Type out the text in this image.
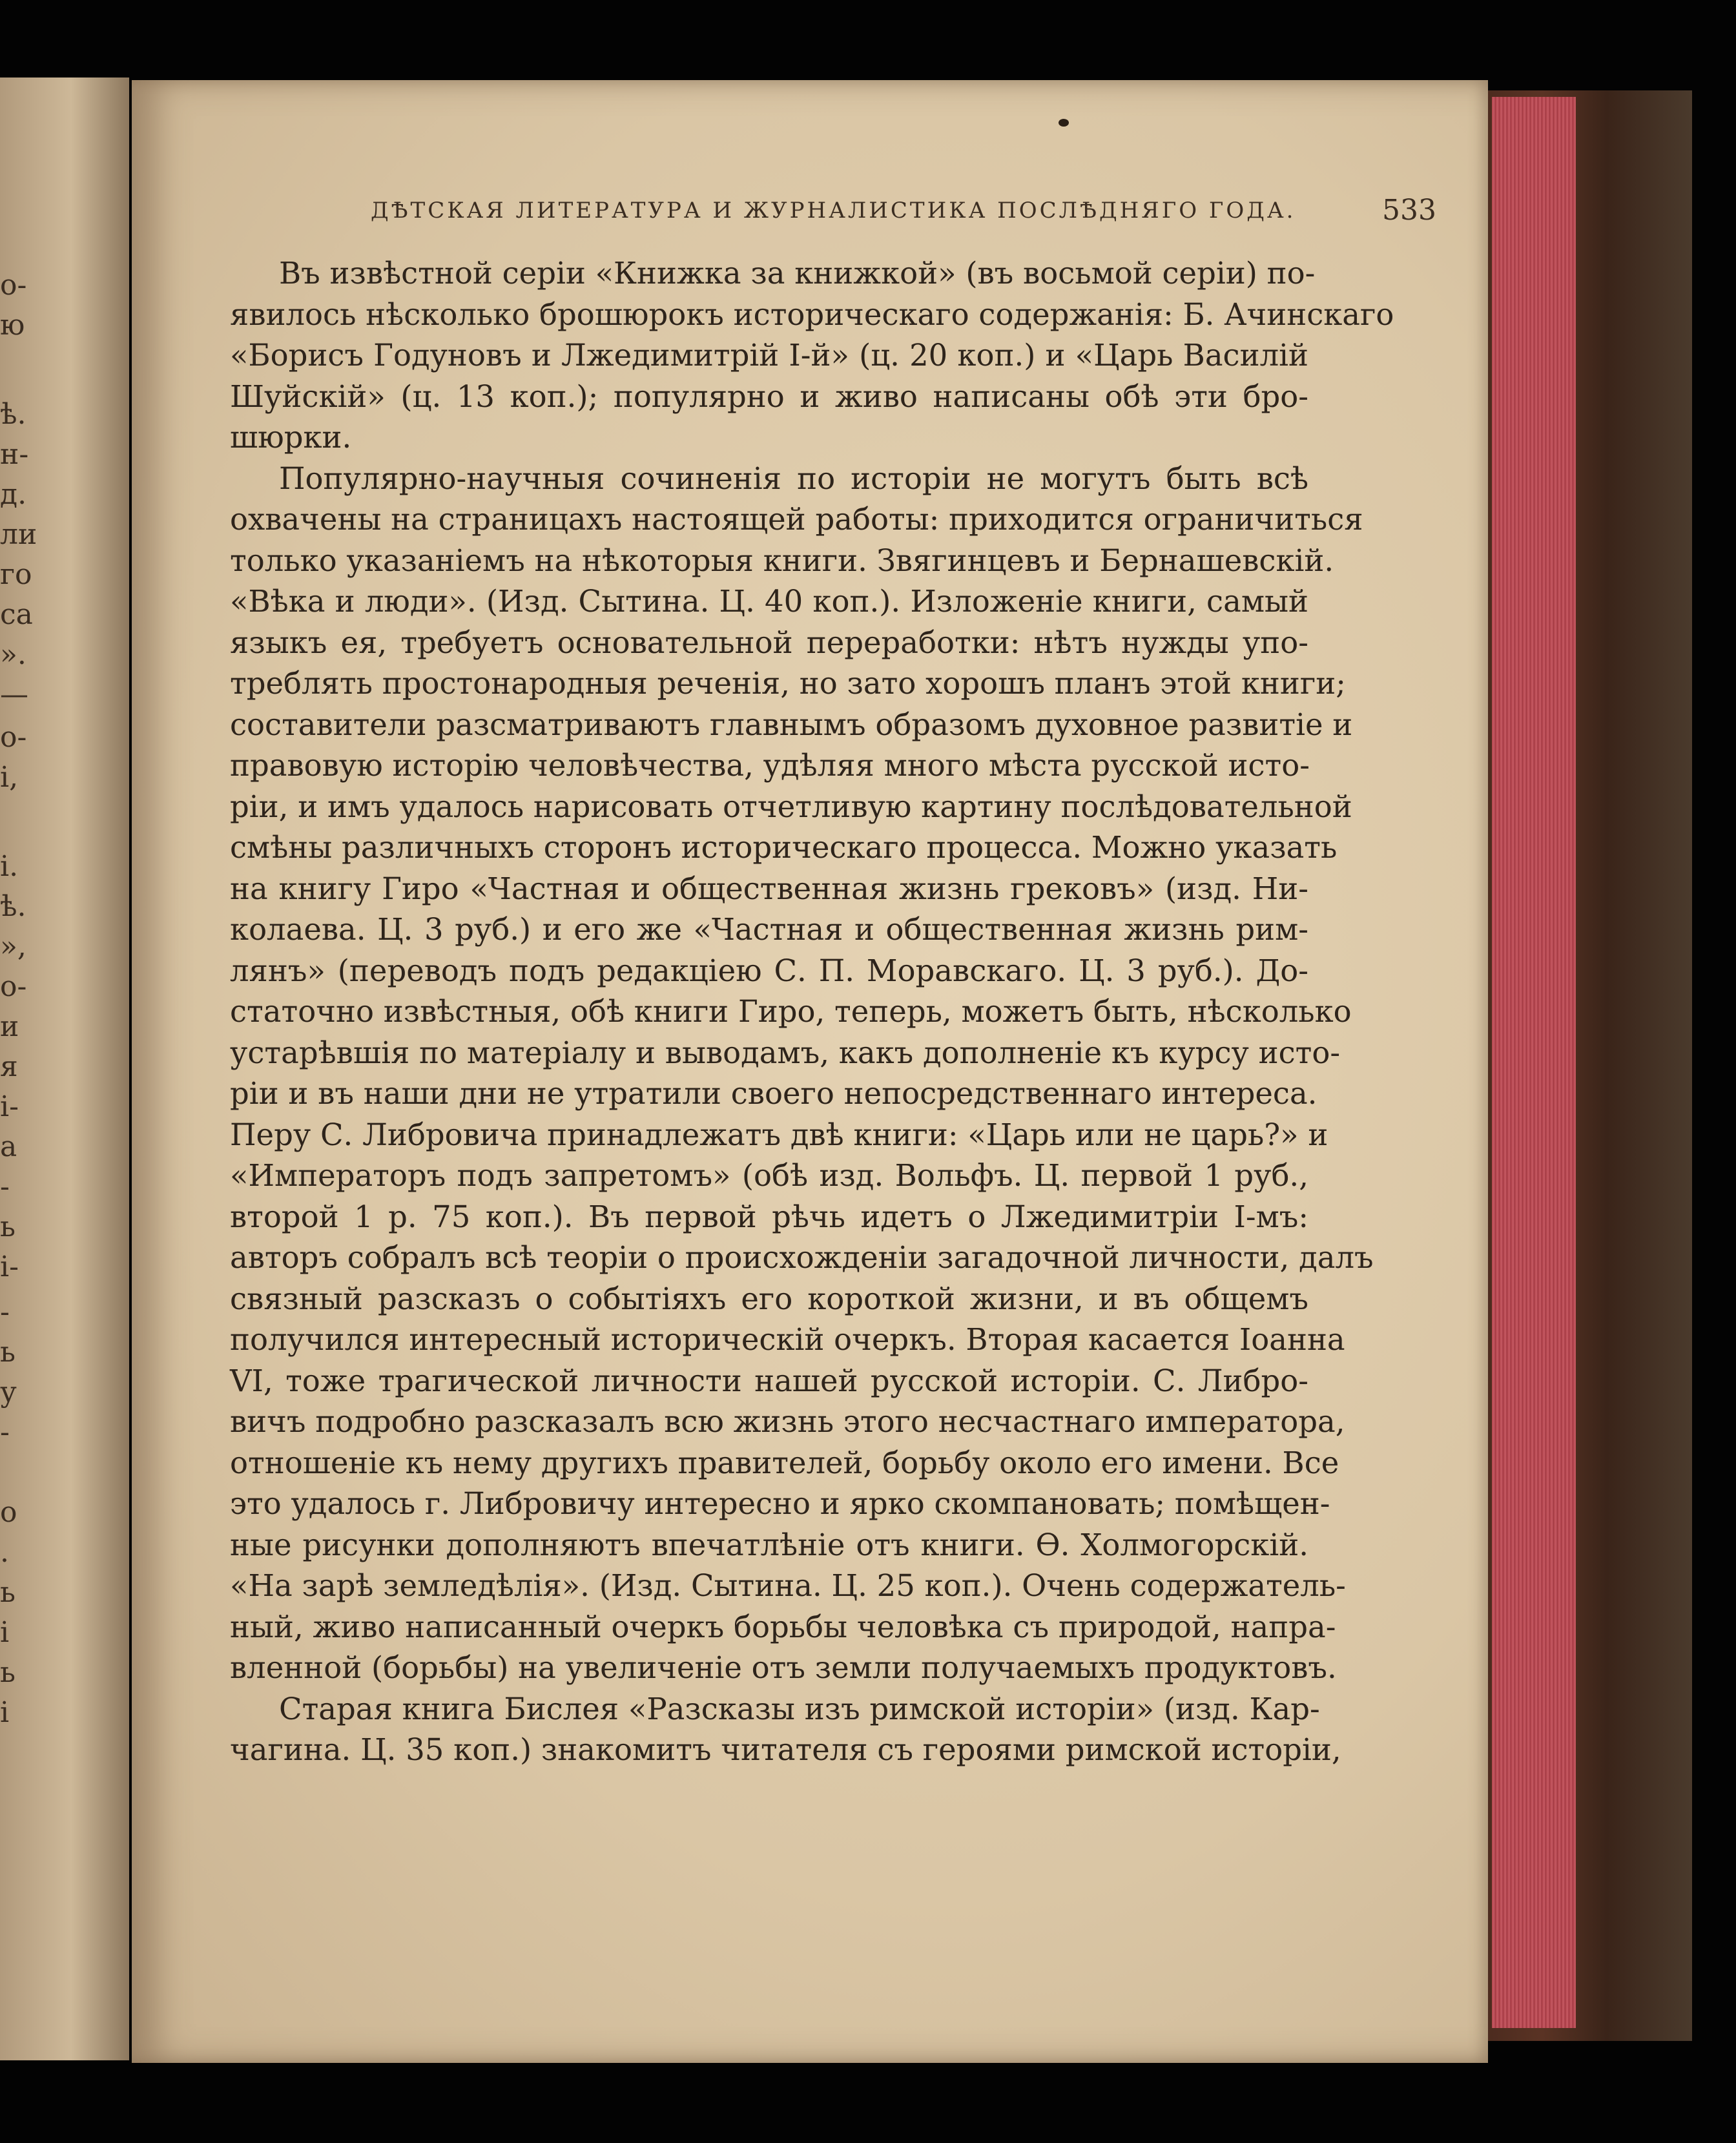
о-
ю
ѣ.
н-
д.
ли
го
са
».
—
о-
і,
і.
ѣ.
»,
о-
и
я
і-
а
-
ь
і-
-
ь
у
-
о
.
ь
і
ь
і
ДѢТСКАЯ ЛИТЕРАТУРА И ЖУРНАЛИСТИКА ПОСЛѢДНЯГО ГОДА.	533
Въ извѣстной серіи «Книжка за книжкой» (въ восьмой серіи) по-
явилось нѣсколько брошюрокъ историческаго содержанія: Б. Ачинскаго
«Борисъ Годуновъ и Лжедимитрій I-й» (ц. 20 коп.) и «Царь Василій
Шуйскій» (ц. 13 коп.); популярно и живо написаны обѣ эти бро-
шюрки.
Популярно-научныя сочиненія по исторіи не могутъ быть всѣ
охвачены на страницахъ настоящей работы: приходится ограничиться
только указаніемъ на нѣкоторыя книги. Звягинцевъ и Бернашевскій.
«Вѣка и люди». (Изд. Сытина. Ц. 40 коп.). Изложеніе книги, самый
языкъ ея, требуетъ основательной переработки: нѣтъ нужды упо-
треблять простонародныя реченія, но зато хорошъ планъ этой книги;
составители разсматриваютъ главнымъ образомъ духовное развитіе и
правовую исторію человѣчества, удѣляя много мѣста русской исто-
ріи, и имъ удалось нарисовать отчетливую картину послѣдовательной
смѣны различныхъ сторонъ историческаго процесса. Можно указать
на книгу Гиро «Частная и общественная жизнь грековъ» (изд. Ни-
колаева. Ц. 3 руб.) и его же «Частная и общественная жизнь рим-
лянъ» (переводъ подъ редакціею С. П. Моравскаго. Ц. 3 руб.). До-
статочно извѣстныя, обѣ книги Гиро, теперь, можетъ быть, нѣсколько
устарѣвшія по матеріалу и выводамъ, какъ дополненіе къ курсу исто-
ріи и въ наши дни не утратили своего непосредственнаго интереса.
Перу С. Либровича принадлежатъ двѣ книги: «Царь или не царь?» и
«Императоръ подъ запретомъ» (обѣ изд. Вольфъ. Ц. первой 1 руб.,
второй 1 р. 75 коп.). Въ первой рѣчь идетъ о Лжедимитріи I-мъ:
авторъ собралъ всѣ теоріи о происхожденіи загадочной личности, далъ
связный разсказъ о событіяхъ его короткой жизни, и въ общемъ
получился интересный историческій очеркъ. Вторая касается Іоанна
VI, тоже трагической личности нашей русской исторіи. С. Либро-
вичъ подробно разсказалъ всю жизнь этого несчастнаго императора,
отношеніе къ нему другихъ правителей, борьбу около его имени. Все
это удалось г. Либровичу интересно и ярко скомпановать; помѣщен-
ные рисунки дополняютъ впечатлѣніе отъ книги. Ѳ. Холмогорскій.
«На зарѣ земледѣлія». (Изд. Сытина. Ц. 25 коп.). Очень содержатель-
ный, живо написанный очеркъ борьбы человѣка съ природой, напра-
вленной (борьбы) на увеличеніе отъ земли получаемыхъ продуктовъ.
Старая книга Бислея «Разсказы изъ римской исторіи» (изд. Кар-
чагина. Ц. 35 коп.) знакомитъ читателя съ героями римской исторіи,
